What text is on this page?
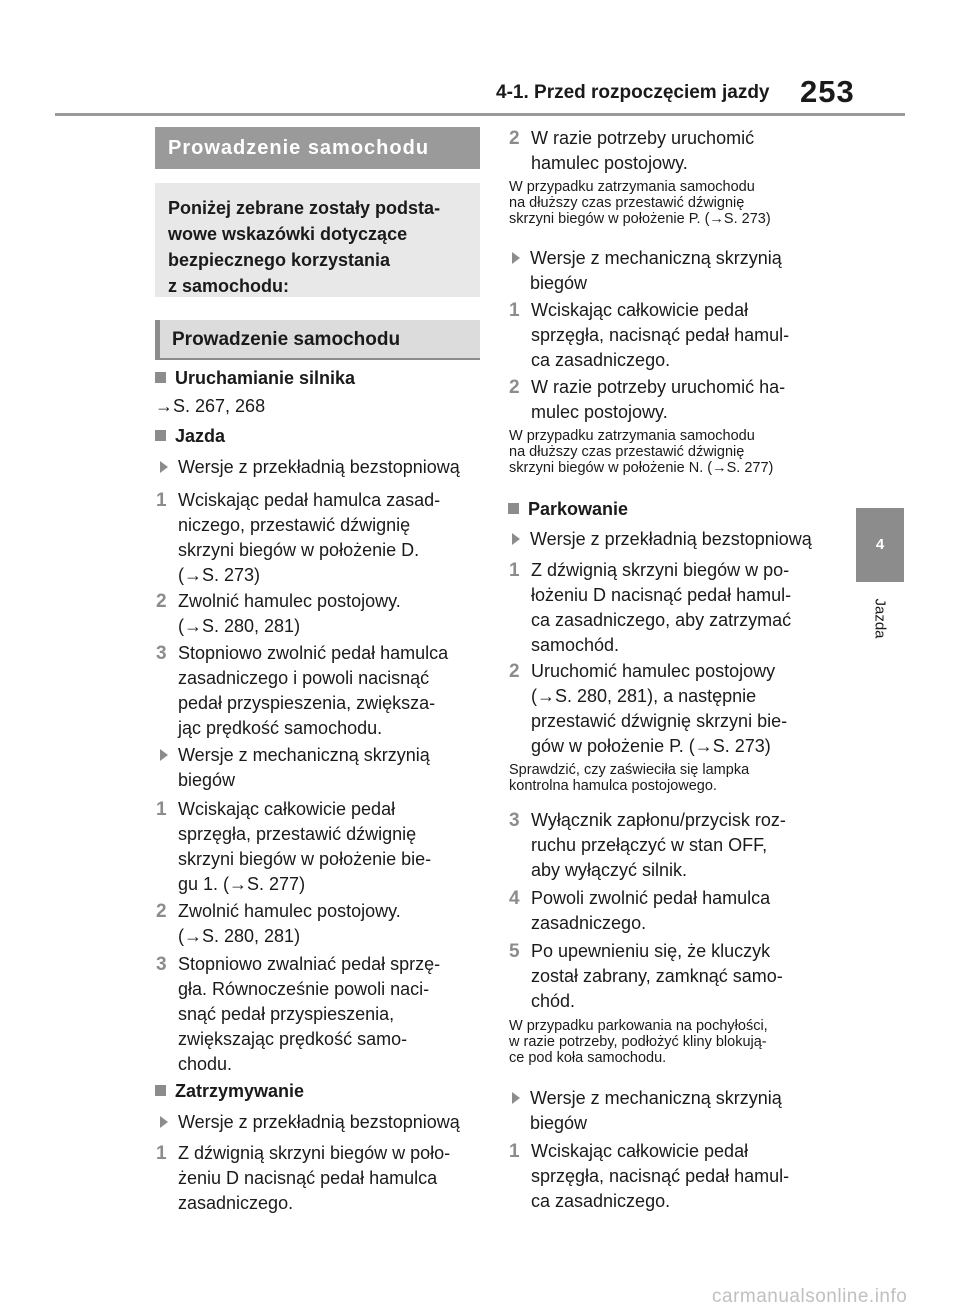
4-1. Przed rozpoczęciem jazdy 253
4
Jazda
Prowadzenie samochodu
Poniżej zebrane zostały podsta-
wowe wskazówki dotyczące
bezpiecznego korzystania
z samochodu:
Prowadzenie samochodu
Uruchamianie silnika
→S. 267, 268
Jazda
Wersje z przekładnią bezstopniową
1 Wciskając pedał hamulca zasad-
niczego, przestawić dźwignię
skrzyni biegów w położenie D.
(→S. 273)
2 Zwolnić hamulec postojowy.
(→S. 280, 281)
3 Stopniowo zwolnić pedał hamulca
zasadniczego i powoli nacisnąć
pedał przyspieszenia, zwiększa-
jąc prędkość samochodu.
Wersje z mechaniczną skrzynią
biegów
1 Wciskając całkowicie pedał
sprzęgła, przestawić dźwignię
skrzyni biegów w położenie bie-
gu 1. (→S. 277)
2 Zwolnić hamulec postojowy.
(→S. 280, 281)
3 Stopniowo zwalniać pedał sprzę-
gła. Równocześnie powoli naci-
snąć pedał przyspieszenia,
zwiększając prędkość samo-
chodu.
Zatrzymywanie
Wersje z przekładnią bezstopniową
1 Z dźwignią skrzyni biegów w poło-
żeniu D nacisnąć pedał hamulca
zasadniczego.
2 W razie potrzeby uruchomić
hamulec postojowy.
W przypadku zatrzymania samochodu
na dłuższy czas przestawić dźwignię
skrzyni biegów w położenie P. (→S. 273)
Wersje z mechaniczną skrzynią
biegów
1 Wciskając całkowicie pedał
sprzęgła, nacisnąć pedał hamul-
ca zasadniczego.
2 W razie potrzeby uruchomić ha-
mulec postojowy.
W przypadku zatrzymania samochodu
na dłuższy czas przestawić dźwignię
skrzyni biegów w położenie N. (→S. 277)
Parkowanie
Wersje z przekładnią bezstopniową
1 Z dźwignią skrzyni biegów w po-
łożeniu D nacisnąć pedał hamul-
ca zasadniczego, aby zatrzymać
samochód.
2 Uruchomić hamulec postojowy
(→S. 280, 281), a następnie
przestawić dźwignię skrzyni bie-
gów w położenie P. (→S. 273)
Sprawdzić, czy zaświeciła się lampka
kontrolna hamulca postojowego.
3 Wyłącznik zapłonu/przycisk roz-
ruchu przełączyć w stan OFF,
aby wyłączyć silnik.
4 Powoli zwolnić pedał hamulca
zasadniczego.
5 Po upewnieniu się, że kluczyk
został zabrany, zamknąć samo-
chód.
W przypadku parkowania na pochyłości,
w razie potrzeby, podłożyć kliny blokują-
ce pod koła samochodu.
Wersje z mechaniczną skrzynią
biegów
1 Wciskając całkowicie pedał
sprzęgła, nacisnąć pedał hamul-
ca zasadniczego.
carmanualsonline.info
